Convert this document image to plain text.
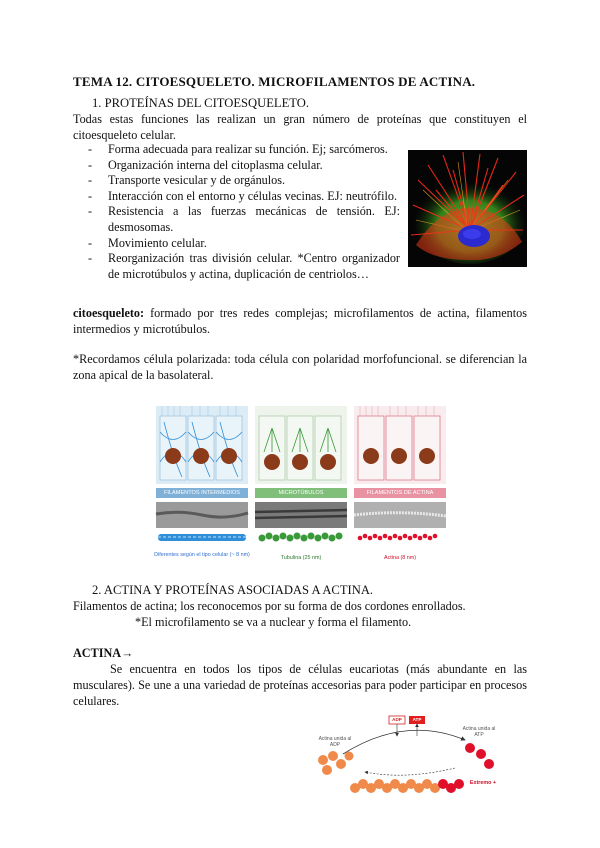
TEMA 12. CITOESQUELETO. MICROFILAMENTOS DE ACTINA.
1. PROTEÍNAS DEL CITOESQUELETO.
Todas estas funciones las realizan un gran número de proteínas que constituyen el citoesqueleto celular.
- Forma adecuada para realizar su función. Ej; sarcómeros.
- Organización interna del citoplasma celular.
- Transporte vesicular y de orgánulos.
- Interacción con el entorno y células vecinas. EJ: neutrófilo.
- Resistencia a las fuerzas mecánicas de tensión. EJ: desmosomas.
- Movimiento celular.
- Reorganización tras división celular. *Centro organizador de microtúbulos y actina, duplicación de centriolos…
citoesqueleto: formado por tres redes complejas; microfilamentos de actina, filamentos intermedios y microtúbulos.
*Recordamos célula polarizada: toda célula con polaridad morfofuncional. se diferencian la zona apical de la basolateral.
FILAMENTOS INTERMEDIOS	MICROTÚBULOS	FILAMENTOS DE ACTINA
Diferentes según el tipo celular (~ 8 nm)	Tubulina (25 nm)	Actina (8 nm)
2. ACTINA Y PROTEÍNAS ASOCIADAS A ACTINA.
Filamentos de actina; los reconocemos por su forma de dos cordones enrollados.
*El microfilamento se va a nuclear y forma el filamento.
ACTINA→
Se encuentra en todos los tipos de células eucariotas (más abundante en las musculares). Se une a una variedad de proteínas accesorias para poder participar en procesos celulares.
ADP	ATP
Actina unida al ADP
Actina unida al ATP
Extremo +
